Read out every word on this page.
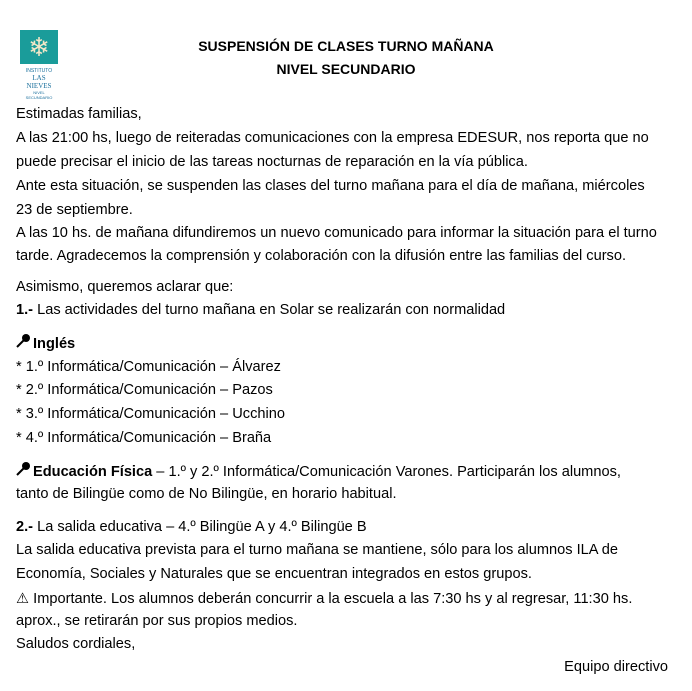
❄
INSTITUTO
LAS NIEVES
NIVEL SECUNDARIO
SUSPENSIÓN DE CLASES TURNO MAÑANA
NIVEL SECUNDARIO
Estimadas familias,
A las 21:00 hs, luego de reiteradas comunicaciones con la empresa EDESUR, nos reporta que no
puede precisar el inicio de las tareas nocturnas de reparación en la vía pública.
Ante esta situación, se suspenden las clases del turno mañana para el día de mañana, miércoles
23 de septiembre.
A las 10 hs. de mañana difundiremos un nuevo comunicado para informar la situación para el turno
tarde. Agradecemos la comprensión y colaboración con la difusión entre las familias del curso.
Asimismo, queremos aclarar que:
1.- Las actividades del turno mañana en Solar se realizarán con normalidad
Inglés
* 1.º Informática/Comunicación – Álvarez
* 2.º Informática/Comunicación – Pazos
* 3.º Informática/Comunicación – Ucchino
* 4.º Informática/Comunicación – Braña
Educación Física – 1.º y 2.º Informática/Comunicación Varones. Participarán los alumnos,
tanto de Bilingüe como de No Bilingüe, en horario habitual.
2.- La salida educativa – 4.º Bilingüe A y 4.º Bilingüe B
La salida educativa prevista para el turno mañana se mantiene, sólo para los alumnos ILA de
Economía, Sociales y Naturales que se encuentran integrados en estos grupos.
⚠ Importante. Los alumnos deberán concurrir a la escuela a las 7:30 hs y al regresar, 11:30 hs.
aprox., se retirarán por sus propios medios.
Saludos cordiales,
Equipo directivo
